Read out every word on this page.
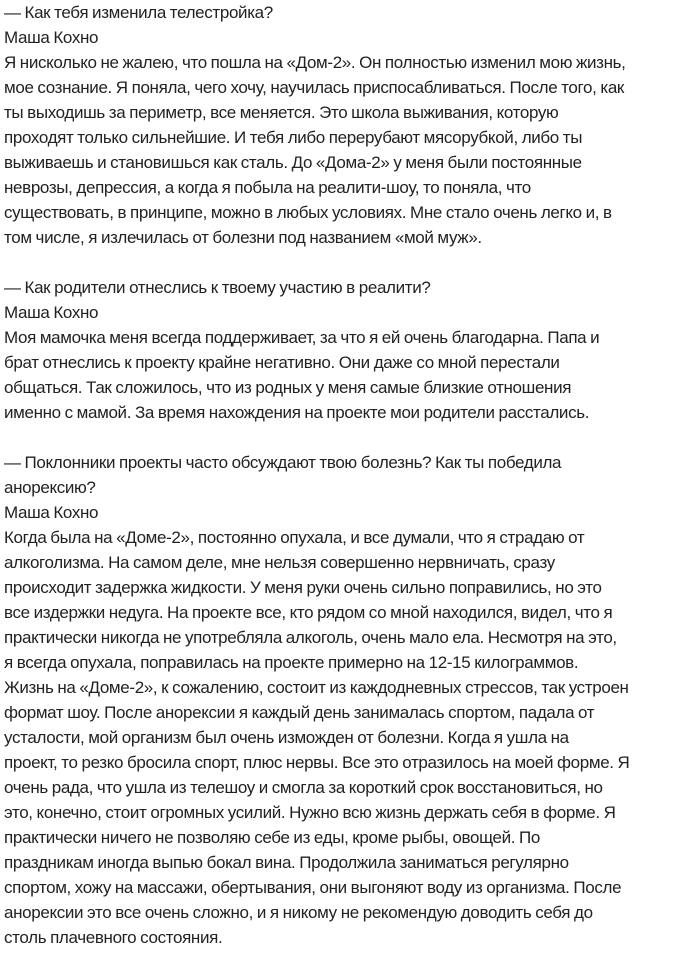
— Как тебя изменила телестройка?
Маша Кохно
Я нисколько не жалею, что пошла на «Дом-2». Он полностью изменил мою жизнь,
мое сознание. Я поняла, чего хочу, научилась приспосабливаться. После того, как
ты выходишь за периметр, все меняется. Это школа выживания, которую
проходят только сильнейшие. И тебя либо перерубают мясорубкой, либо ты
выживаешь и становишься как сталь. До «Дома-2» у меня были постоянные
неврозы, депрессия, а когда я побыла на реалити-шоу, то поняла, что
существовать, в принципе, можно в любых условиях. Мне стало очень легко и, в
том числе, я излечилась от болезни под названием «мой муж».
— Как родители отнеслись к твоему участию в реалити?
Маша Кохно
Моя мамочка меня всегда поддерживает, за что я ей очень благодарна. Папа и
брат отнеслись к проекту крайне негативно. Они даже со мной перестали
общаться. Так сложилось, что из родных у меня самые близкие отношения
именно с мамой. За время нахождения на проекте мои родители расстались.
— Поклонники проекты часто обсуждают твою болезнь? Как ты победила
анорексию?
Маша Кохно
Когда была на «Доме-2», постоянно опухала, и все думали, что я страдаю от
алкоголизма. На самом деле, мне нельзя совершенно нервничать, сразу
происходит задержка жидкости. У меня руки очень сильно поправились, но это
все издержки недуга. На проекте все, кто рядом со мной находился, видел, что я
практически никогда не употребляла алкоголь, очень мало ела. Несмотря на это,
я всегда опухала, поправилась на проекте примерно на 12-15 килограммов.
Жизнь на «Доме-2», к сожалению, состоит из каждодневных стрессов, так устроен
формат шоу. После анорексии я каждый день занималась спортом, падала от
усталости, мой организм был очень изможден от болезни. Когда я ушла на
проект, то резко бросила спорт, плюс нервы. Все это отразилось на моей форме. Я
очень рада, что ушла из телешоу и смогла за короткий срок восстановиться, но
это, конечно, стоит огромных усилий. Нужно всю жизнь держать себя в форме. Я
практически ничего не позволяю себе из еды, кроме рыбы, овощей. По
праздникам иногда выпью бокал вина. Продолжила заниматься регулярно
спортом, хожу на массажи, обертывания, они выгоняют воду из организма. После
анорексии это все очень сложно, и я никому не рекомендую доводить себя до
столь плачевного состояния.
